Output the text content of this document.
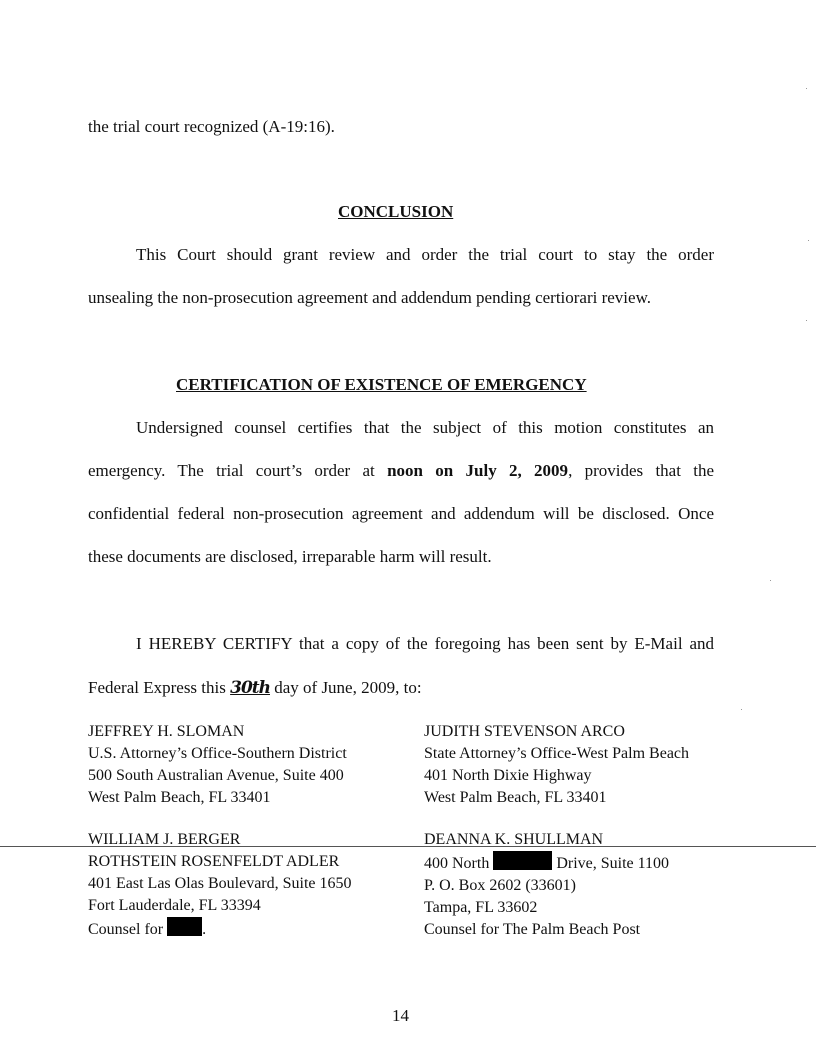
the trial court recognized (A-19:16).
CONCLUSION
This Court should grant review and order the trial court to stay the order
unsealing the non-prosecution agreement and addendum pending certiorari review.
CERTIFICATION OF EXISTENCE OF EMERGENCY
Undersigned counsel certifies that the subject of this motion constitutes an
emergency. The trial court’s order at noon on July 2, 2009, provides that the
confidential federal non-prosecution agreement and addendum will be disclosed. Once
these documents are disclosed, irreparable harm will result.
I HEREBY CERTIFY that a copy of the foregoing has been sent by E-Mail and
Federal Express this 30th day of June, 2009, to:
JEFFREY H. SLOMAN
U.S. Attorney’s Office-Southern District
500 South Australian Avenue, Suite 400
West Palm Beach, FL 33401
JUDITH STEVENSON ARCO
State Attorney’s Office-West Palm Beach
401 North Dixie Highway
West Palm Beach, FL 33401
WILLIAM J. BERGER
ROTHSTEIN ROSENFELDT ADLER
401 East Las Olas Boulevard, Suite 1650
Fort Lauderdale, FL 33394
Counsel for .
DEANNA K. SHULLMAN
400 North	Drive, Suite 1100
P. O. Box 2602 (33601)
Tampa, FL 33602
Counsel for The Palm Beach Post
14
